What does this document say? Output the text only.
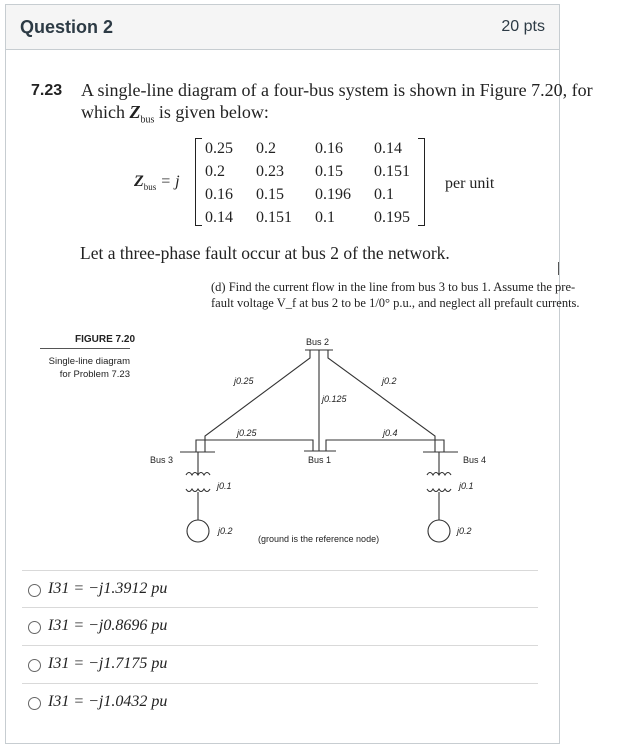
Question 2	20 pts
7.23 A single-line diagram of a four-bus system is shown in Figure 7.20, for
which $Z_{bus}$ is given below:
$Z_{bus} = j$
0.25 0.2 0.16 0.14
0.2 0.23 0.15 0.151
0.16 0.15 0.196 0.1
0.14 0.151 0.1 0.195
per unit
Let a three-phase fault occur at bus 2 of the network.
(d) Find the current flow in the line from bus 3 to bus 1. Assume the pre-
fault voltage V_f at bus 2 to be 1/0° p.u., and neglect all prefault currents.
FIGURE 7.20
Single-line diagram
for Problem 7.23
Bus 2
Bus 1
Bus 3	Bus 4
j0.25	j0.2
j0.125
j0.25	j0.4
j0.1	j0.1
j0.2	j0.2
(ground is the reference node)
I31 = −j1.3912 pu
I31 = −j0.8696 pu
I31 = −j1.7175 pu
I31 = −j1.0432 pu
